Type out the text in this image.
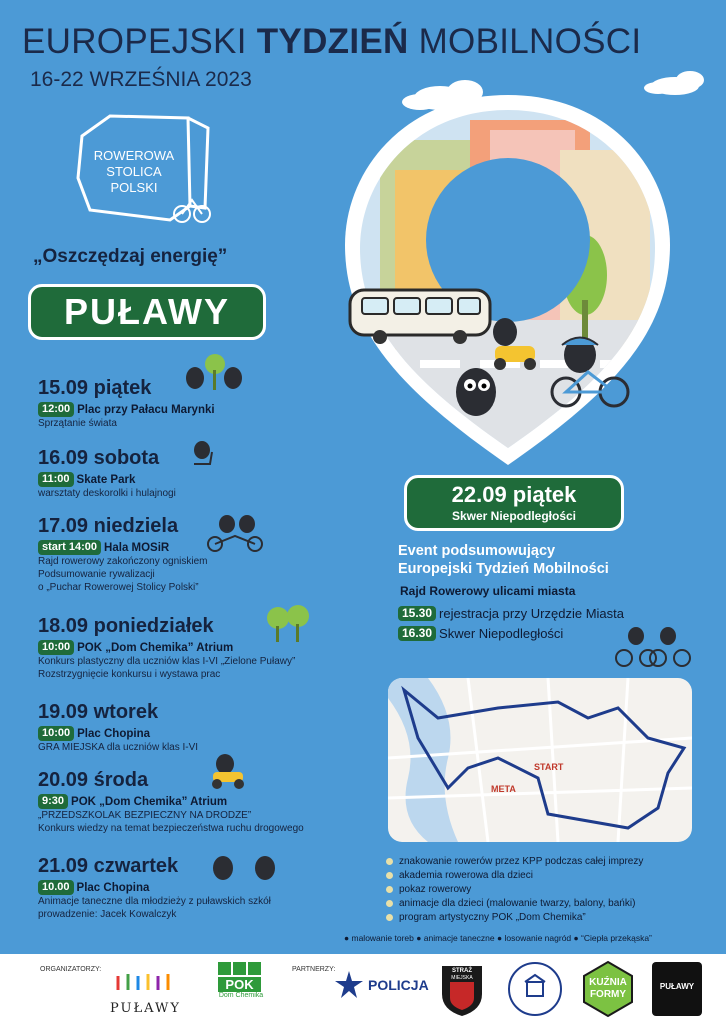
EUROPEJSKI TYDZIEŃ MOBILNOŚCI
16-22 WRZEŚNIA 2023
ROWEROWA
STOLICA
POLSKI
„Oszczędzaj energię”
PUŁAWY
15.09 piątek
12:00 Plac przy Pałacu Marynki
Sprzątanie świata
16.09 sobota
11:00 Skate Park
warsztaty deskorolki i hulajnogi
17.09 niedziela
start 14:00 Hala MOSiR
Rajd rowerowy zakończony ogniskiem
Podsumowanie rywalizacji
o „Puchar Rowerowej Stolicy Polski”
18.09 poniedziałek
10:00 POK „Dom Chemika” Atrium
Konkurs plastyczny dla uczniów klas I-VI „Zielone Puławy”
Rozstrzygnięcie konkursu i wystawa prac
19.09 wtorek
10:00 Plac Chopina
GRA MIEJSKA dla uczniów klas I-VI
20.09 środa
9:30 POK „Dom Chemika” Atrium
„PRZEDSZKOLAK BEZPIECZNY NA DRODZE”
Konkurs wiedzy na temat bezpieczeństwa ruchu drogowego
21.09 czwartek
10.00 Plac Chopina
Animacje taneczne dla młodzieży z puławskich szkół
prowadzenie: Jacek Kowalczyk
22.09 piątek
Skwer Niepodległości
Event podsumowujący
Europejski Tydzień Mobilności
Rajd Rowerowy ulicami miasta
15.30 rejestracja przy Urzędzie Miasta
16.30 Skwer Niepodległości
START
META
znakowanie rowerów przez KPP podczas całej imprezy
akademia rowerowa dla dzieci
pokaz rowerowy
animacje dla dzieci (malowanie twarzy, balony, bańki)
program artystyczny POK „Dom Chemika”
● malowanie toreb ● animacje taneczne ● losowanie nagród ● “Ciepła przekąska”
ORGANIZATORZY:	PARTNERZY:
PUŁAWY
POK
Dom Chemika
POLICJA
STRAŻ
MIEJSKA	KUŹNIA
FORMY
PUŁAWY
